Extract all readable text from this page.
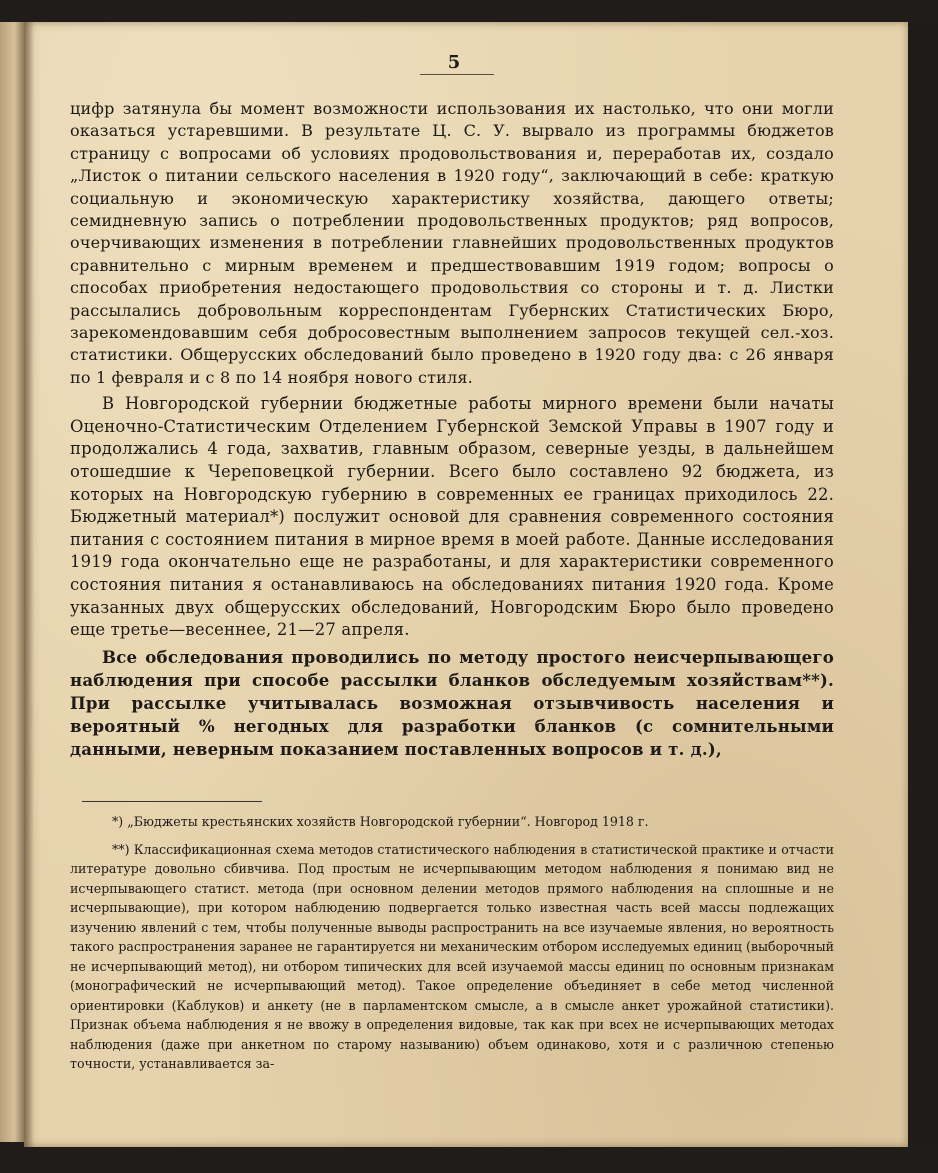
5

цифр затянула бы момент возможности использования их настолько, что они могли оказаться устаревшими. В результате Ц. С. У. вырвало из программы бюджетов страницу с вопросами об условиях продовольствования и, переработав их, создало „Листок о питании сельского населения в 1920 году“, заключающий в себе: краткую социальную и экономическую характеристику хозяйства, дающего ответы; семидневную запись о потреблении продовольственных продуктов; ряд вопросов, очерчивающих изменения в потреблении главнейших продовольственных продуктов сравнительно с мирным временем и предшествовавшим 1919 годом; вопросы о способах приобретения недостающего продовольствия со стороны и т. д. Листки рассылались добровольным корреспондентам Губернских Статистических Бюро, зарекомендовавшим себя добросовестным выполнением запросов текущей сел.-хоз. статистики. Общерусских обследований было проведено в 1920 году два: с 26 января по 1 февраля и с 8 по 14 ноября нового стиля.

В Новгородской губернии бюджетные работы мирного времени были начаты Оценочно-Статистическим Отделением Губернской Земской Управы в 1907 году и продолжались 4 года, захватив, главным образом, северные уезды, в дальнейшем отошедшие к Череповецкой губернии. Всего было составлено 92 бюджета, из которых на Новгородскую губернию в современных ее границах приходилось 22. Бюджетный материал*) послужит основой для сравнения современного состояния питания с состоянием питания в мирное время в моей работе. Данные исследования 1919 года окончательно еще не разработаны, и для характеристики современного состояния питания я останавливаюсь на обследованиях питания 1920 года. Кроме указанных двух общерусских обследований, Новгородским Бюро было проведено еще третье—весеннее, 21—27 апреля.

Все обследования проводились по методу простого неисчерпывающего наблюдения при способе рассылки бланков обследуемым хозяйствам**). При рассылке учитывалась возможная отзывчивость населения и вероятный % негодных для разработки бланков (с сомнительными данными, неверным показанием поставленных вопросов и т. д.),

*) „Бюджеты крестьянских хозяйств Новгородской губернии“. Новгород 1918 г.

**) Классификационная схема методов статистического наблюдения в статистической практике и отчасти литературе довольно сбивчива. Под простым не исчерпывающим методом наблюдения я понимаю вид не исчерпывающего статист. метода (при основном делении методов прямого наблюдения на сплошные и не исчерпывающие), при котором наблюдению подвергается только известная часть всей массы подлежащих изучению явлений с тем, чтобы полученные выводы распространить на все изучаемые явления, но вероятность такого распространения заранее не гарантируется ни механическим отбором исследуемых единиц (выборочный не исчерпывающий метод), ни отбором типических для всей изучаемой массы единиц по основным признакам (монографический не исчерпывающий метод). Такое определение объединяет в себе метод численной ориентировки (Каблуков) и анкету (не в парламентском смысле, а в смысле анкет урожайной статистики). Признак объема наблюдения я не ввожу в определения видовые, так как при всех не исчерпывающих методах наблюдения (даже при анкетном по старому называнию) объем одинаково, хотя и с различною степенью точности, устанавливается за-
